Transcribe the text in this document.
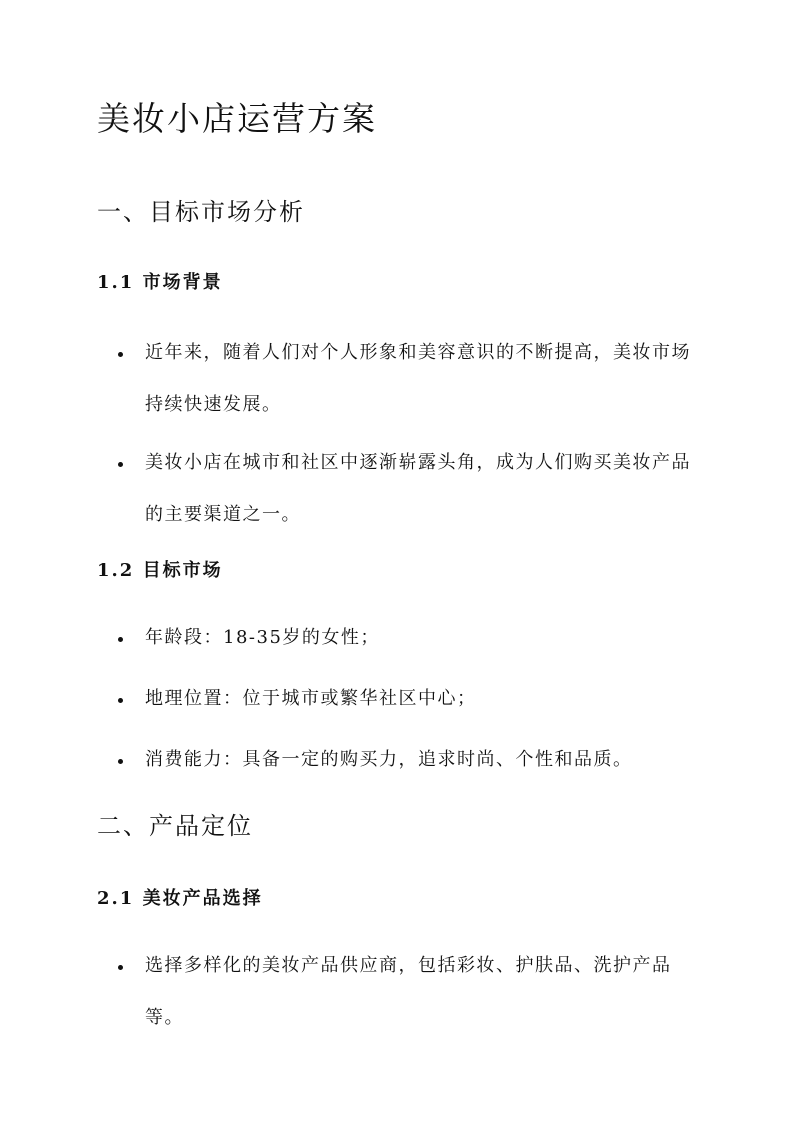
美妆小店运营方案
一、目标市场分析
1.1 市场背景
近年来，随着人们对个人形象和美容意识的不断提高，美妆市场持续快速发展。
美妆小店在城市和社区中逐渐崭露头角，成为人们购买美妆产品的主要渠道之一。
1.2 目标市场
年龄段：18-35岁的女性；
地理位置：位于城市或繁华社区中心；
消费能力：具备一定的购买力，追求时尚、个性和品质。
二、产品定位
2.1 美妆产品选择
选择多样化的美妆产品供应商，包括彩妆、护肤品、洗护产品等。
